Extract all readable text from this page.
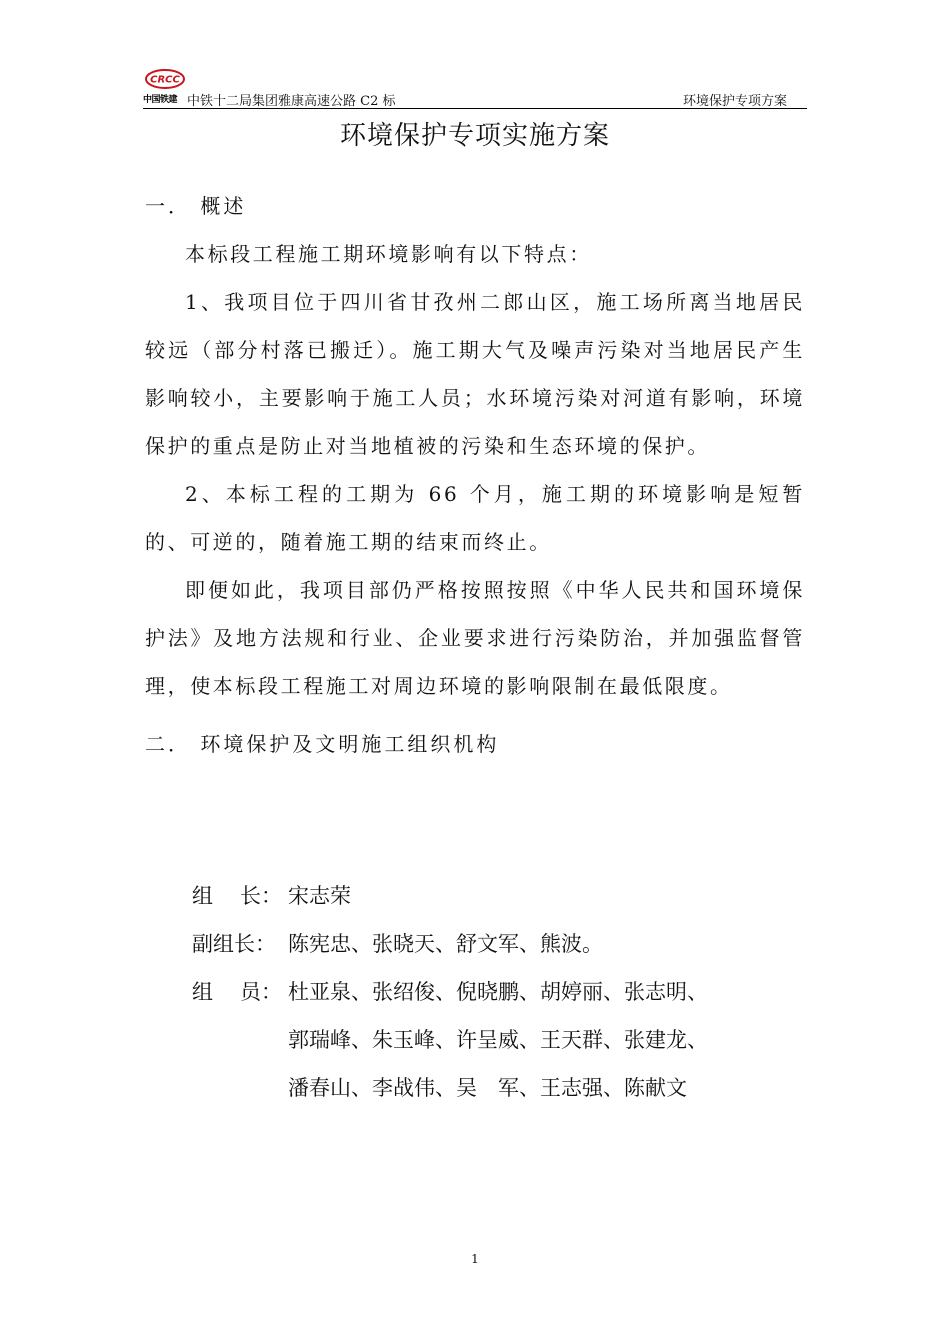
CRCC
中国铁建 中铁十二局集团雅康高速公路 C2 标	环境保护专项方案
环境保护专项实施方案

一． 概述

本标段工程施工期环境影响有以下特点：

1、我项目位于四川省甘孜州二郎山区，施工场所离当地居民较远（部分村落已搬迁）。施工期大气及噪声污染对当地居民产生影响较小，主要影响于施工人员；水环境污染对河道有影响，环境保护的重点是防止对当地植被的污染和生态环境的保护。

2、本标工程的工期为 66 个月，施工期的环境影响是短暂的、可逆的，随着施工期的结束而终止。

即便如此，我项目部仍严格按照按照《中华人民共和国环境保护法》及地方法规和行业、企业要求进行污染防治，并加强监督管理，使本标段工程施工对周边环境的影响限制在最低限度。

二． 环境保护及文明施工组织机构

组 长： 宋志荣
副组长： 陈宪忠、张晓天、舒文军、熊波。
组 员： 杜亚泉、张绍俊、倪晓鹏、胡婷丽、张志明、
郭瑞峰、朱玉峰、许呈威、王天群、张建龙、
潘春山、李战伟、吴　军、王志强、陈献文
1
